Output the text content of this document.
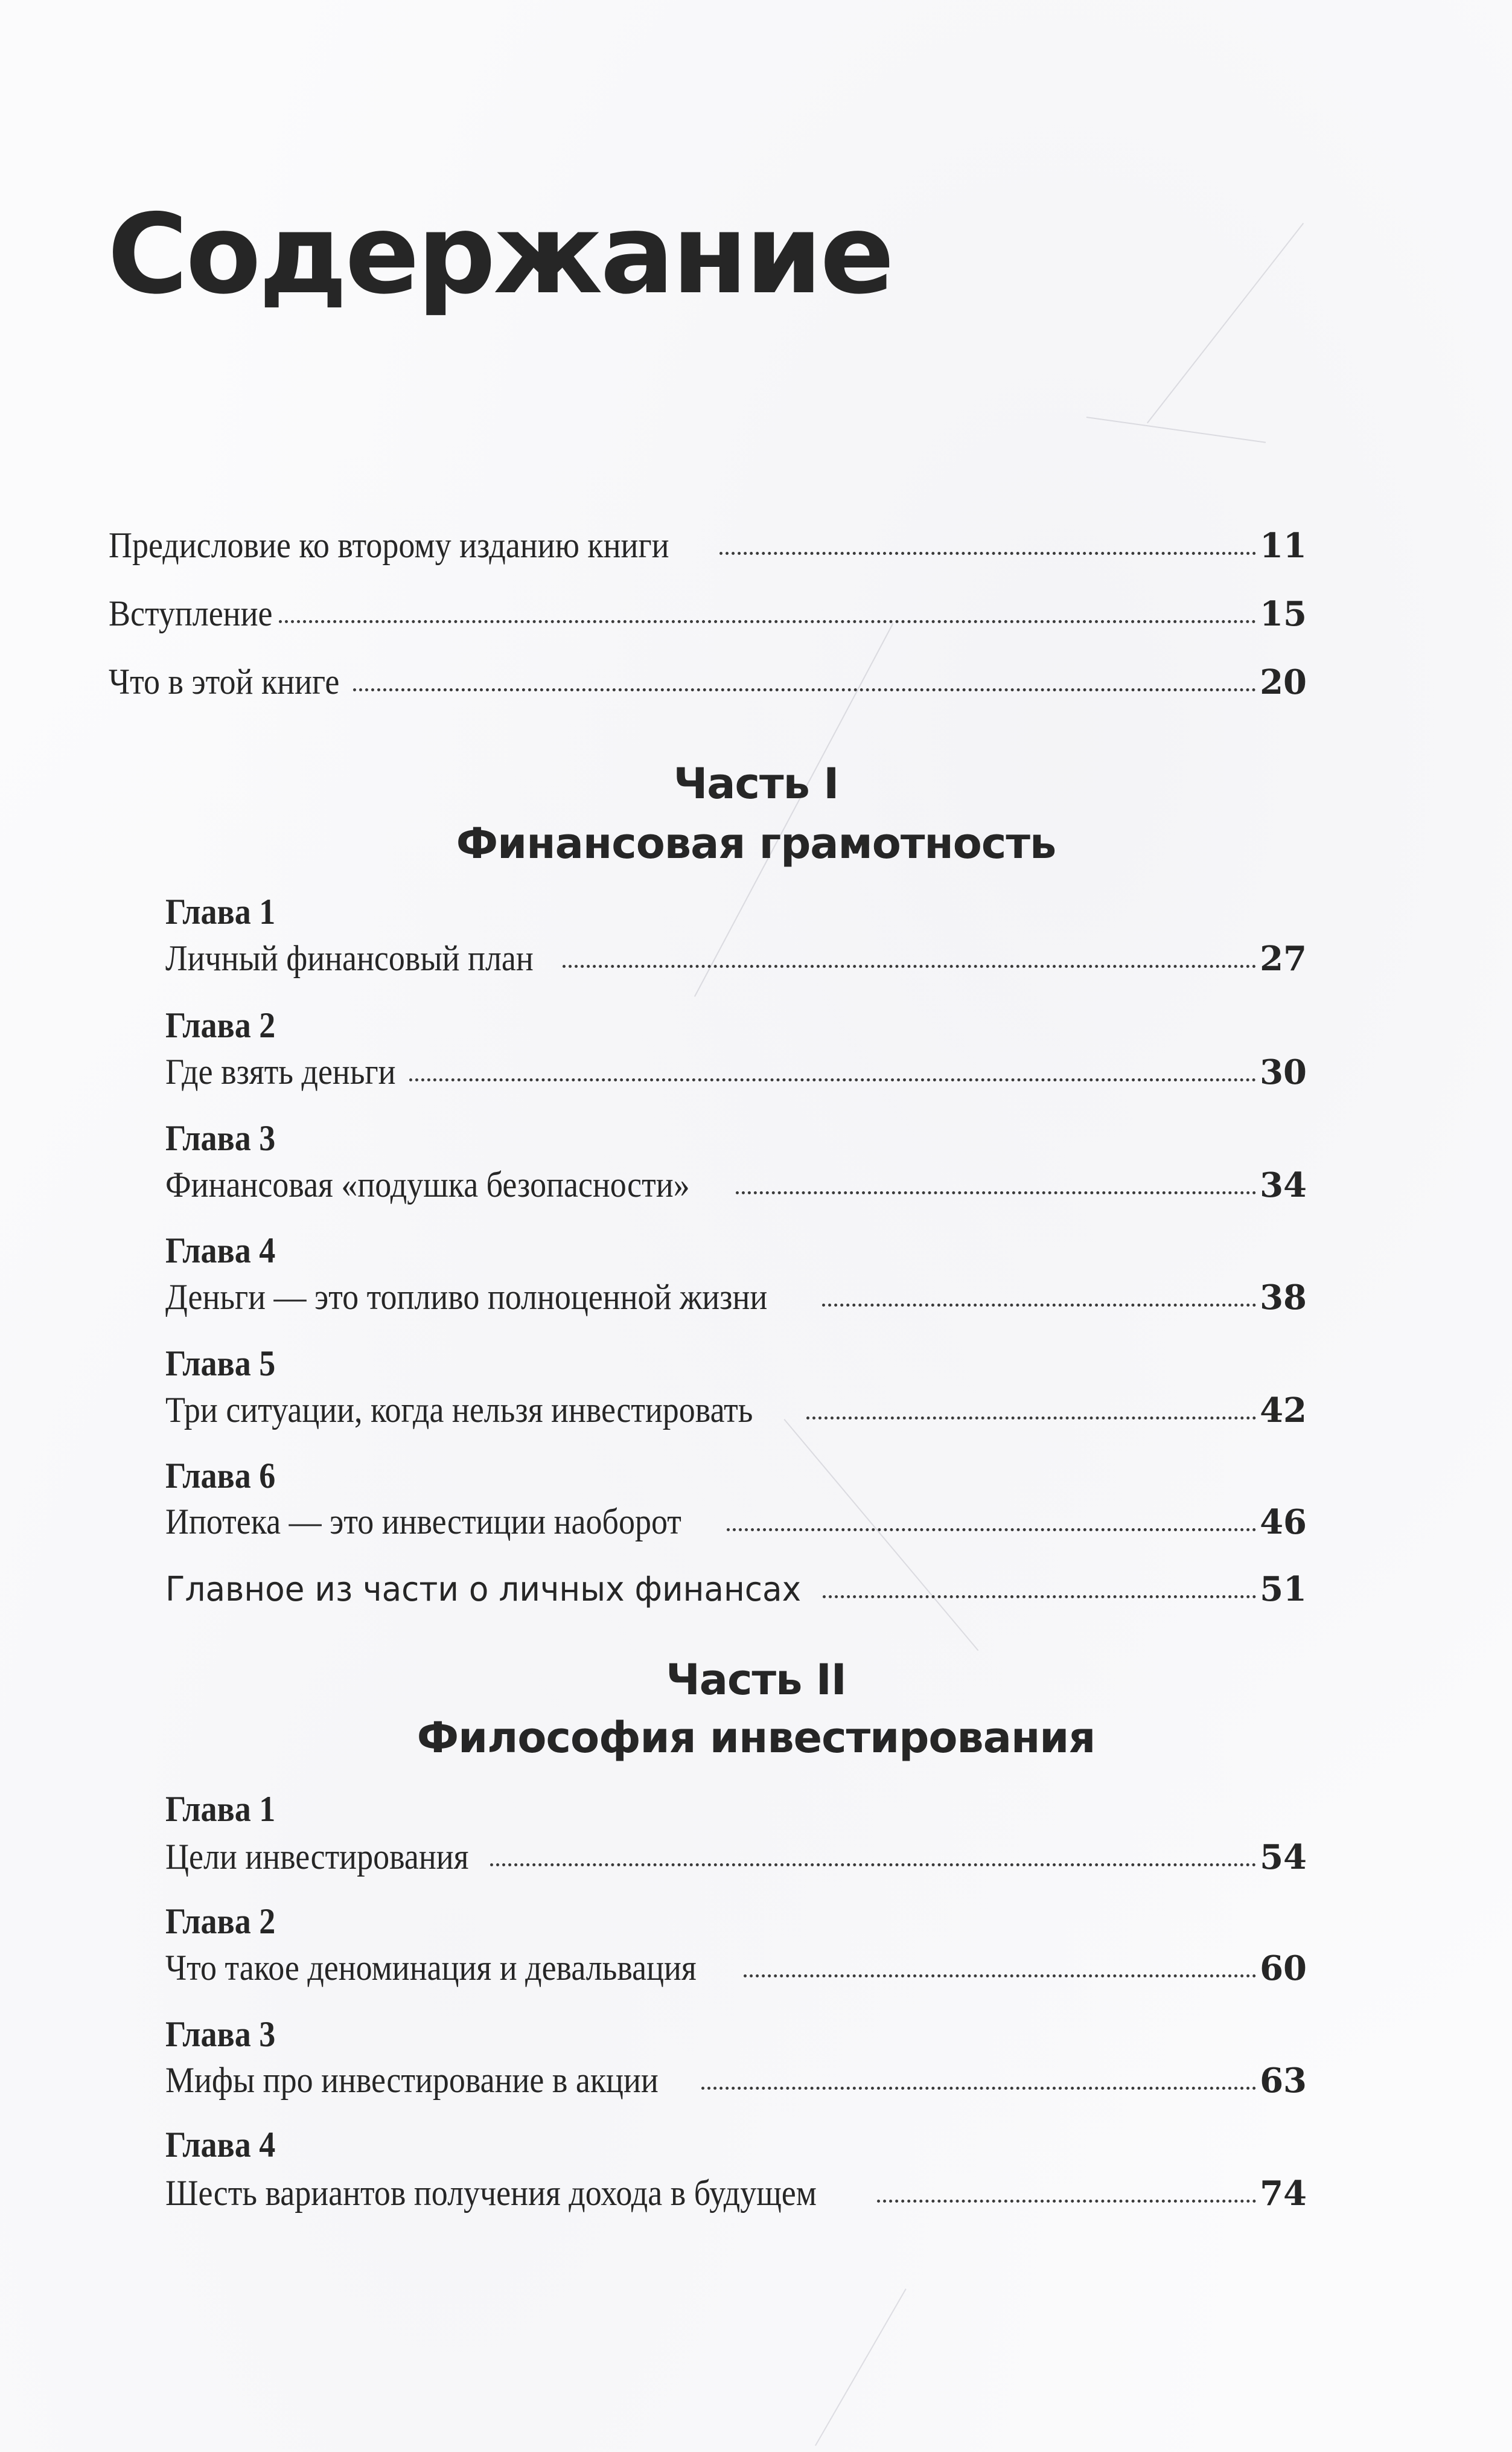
Содержание
Предисловие ко второму изданию книги	11
Вступление	15
Что в этой книге	20
Часть I
Финансовая грамотность
Глава 1
Личный финансовый план	27
Глава 2
Где взять деньги	30
Глава 3
Финансовая «подушка безопасности»	34
Глава 4
Деньги — это топливо полноценной жизни	38
Глава 5
Три ситуации, когда нельзя инвестировать	42
Глава 6
Ипотека — это инвестиции наоборот	46
Главное из части о личных финансах	51
Часть II
Философия инвестирования
Глава 1
Цели инвестирования	54
Глава 2
Что такое деноминация и девальвация	60
Глава 3
Мифы про инвестирование в акции	63
Глава 4
Шесть вариантов получения дохода в будущем	74
